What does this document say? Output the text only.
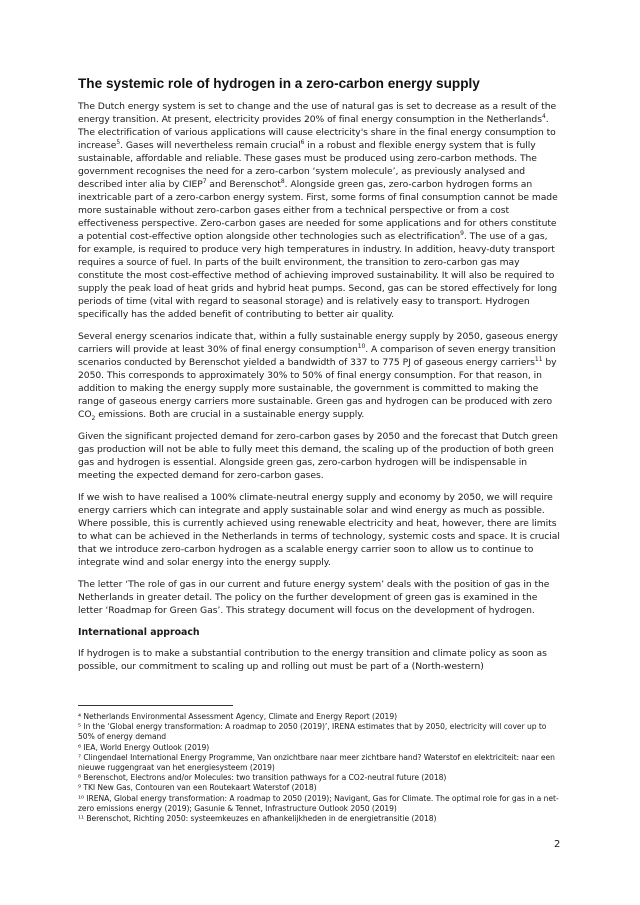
The systemic role of hydrogen in a zero-carbon energy supply

The Dutch energy system is set to change and the use of natural gas is set to decrease as a result of the energy transition. At present, electricity provides 20% of final energy consumption in the Netherlands$^4$. The electrification of various applications will cause electricity's share in the final energy consumption to increase$^5$. Gases will nevertheless remain crucial$^6$ in a robust and flexible energy system that is fully sustainable, affordable and reliable. These gases must be produced using zero-carbon methods. The government recognises the need for a zero-carbon ‘system molecule’, as previously analysed and described inter alia by CIEP$^7$ and Berenschot$^8$. Alongside green gas, zero-carbon hydrogen forms an inextricable part of a zero-carbon energy system. First, some forms of final consumption cannot be made more sustainable without zero-carbon gases either from a technical perspective or from a cost effectiveness perspective. Zero-carbon gases are needed for some applications and for others constitute a potential cost-effective option alongside other technologies such as electrification$^9$. The use of a gas, for example, is required to produce very high temperatures in industry. In addition, heavy-duty transport requires a source of fuel. In parts of the built environment, the transition to zero-carbon gas may constitute the most cost-effective method of achieving improved sustainability. It will also be required to supply the peak load of heat grids and hybrid heat pumps. Second, gas can be stored effectively for long periods of time (vital with regard to seasonal storage) and is relatively easy to transport. Hydrogen specifically has the added benefit of contributing to better air quality.

Several energy scenarios indicate that, within a fully sustainable energy supply by 2050, gaseous energy carriers will provide at least 30% of final energy consumption$^{10}$. A comparison of seven energy transition scenarios conducted by Berenschot yielded a bandwidth of 337 to 775 PJ of gaseous energy carriers$^{11}$ by 2050. This corresponds to approximately 30% to 50% of final energy consumption. For that reason, in addition to making the energy supply more sustainable, the government is committed to making the range of gaseous energy carriers more sustainable. Green gas and hydrogen can be produced with zero $CO_2$ emissions. Both are crucial in a sustainable energy supply.

Given the significant projected demand for zero-carbon gases by 2050 and the forecast that Dutch green gas production will not be able to fully meet this demand, the scaling up of the production of both green gas and hydrogen is essential. Alongside green gas, zero-carbon hydrogen will be indispensable in meeting the expected demand for zero-carbon gases.

If we wish to have realised a 100% climate-neutral energy supply and economy by 2050, we will require energy carriers which can integrate and apply sustainable solar and wind energy as much as possible. Where possible, this is currently achieved using renewable electricity and heat, however, there are limits to what can be achieved in the Netherlands in terms of technology, systemic costs and space. It is crucial that we introduce zero-carbon hydrogen as a scalable energy carrier soon to allow us to continue to integrate wind and solar energy into the energy supply.

The letter ‘The role of gas in our current and future energy system’ deals with the position of gas in the Netherlands in greater detail. The policy on the further development of green gas is examined in the letter ‘Roadmap for Green Gas’. This strategy document will focus on the development of hydrogen.

International approach

If hydrogen is to make a substantial contribution to the energy transition and climate policy as soon as possible, our commitment to scaling up and rolling out must be part of a (North-western)

⁴ Netherlands Environmental Assessment Agency, Climate and Energy Report (2019)

⁵ In the ‘Global energy transformation: A roadmap to 2050 (2019)’, IRENA estimates that by 2050, electricity will cover up to 50% of energy demand

⁶ IEA, World Energy Outlook (2019)

⁷ Clingendael International Energy Programme, Van onzichtbare naar meer zichtbare hand? Waterstof en elektriciteit: naar een nieuwe ruggengraat van het energiesysteem (2019)

⁸ Berenschot, Electrons and/or Molecules: two transition pathways for a CO2-neutral future (2018)

⁹ TKI New Gas, Contouren van een Routekaart Waterstof (2018)

¹⁰ IRENA, Global energy transformation: A roadmap to 2050 (2019); Navigant, Gas for Climate. The optimal role for gas in a net-zero emissions energy (2019); Gasunie & Tennet, Infrastructure Outlook 2050 (2019)

¹¹ Berenschot, Richting 2050: systeemkeuzes en afhankelijkheden in de energietransitie (2018)

2
